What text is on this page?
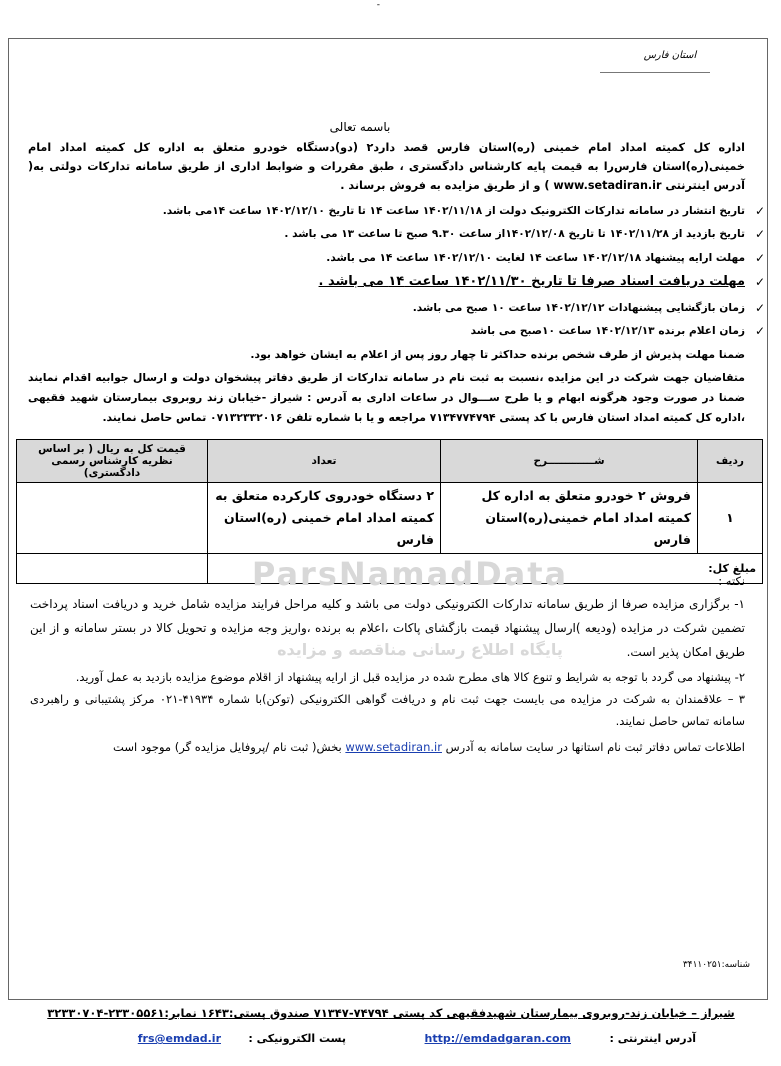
-
استان فارس
باسمه تعالی
اداره کل کمیته امداد امام خمینی (ره)استان فارس قصد دارد۲ (دو)دستگاه خودرو متعلق به اداره کل کمیته امداد امام خمینی(ره)استان فارس‌را به قیمت پایه کارشناس دادگستری ، طبق مقررات و ضوابط اداری از طریق سامانه تدارکات دولتی به( آدرس اینترنتی www.setadiran.ir ) و از طریق مزایده به فروش برساند .
✓
تاریخ انتشار در سامانه تدارکات الکترونیک دولت از ۱۴۰۲/۱۱/۱۸ ساعت ۱۴ تا تاریخ ۱۴۰۲/۱۲/۱۰ ساعت ۱۴می باشد.
✓
تاریخ بازدید از ۱۴۰۲/۱۱/۲۸ تا تاریخ ۱۴۰۲/۱۲/۰۸از ساعت ۹.۳۰ صبح تا ساعت ۱۳ می باشد .
✓
مهلت ارایه پیشنهاد ۱۴۰۲/۱۲/۱۸ ساعت ۱۴ لغایت ۱۴۰۲/۱۲/۱۰ ساعت ۱۴ می باشد.
✓
مهلت دریافت اسناد صرفا تا تاریخ ۱۴۰۲/۱۱/۳۰ ساعت ۱۴ می باشد .
✓
زمان بازگشایی پیشنهادات ۱۴۰۲/۱۲/۱۲ ساعت ۱۰ صبح می باشد.
✓
زمان اعلام برنده ۱۴۰۲/۱۲/۱۳ ساعت ۱۰صبح می باشد
ضمنا مهلت پذیرش از طرف شخص برنده حداکثر تا چهار روز پس از اعلام به ایشان خواهد بود.
متقاضیان جهت شرکت در این مزایده ،نسبت به ثبت نام در سامانه تدارکات از طریق دفاتر پیشخوان دولت و ارسال جوابیه اقدام نمایند ضمنا در صورت وجود هرگونه ابهام و یا طرح ســـوال در ساعات اداری به آدرس : شیراز -خیابان زند روبروی بیمارستان شهید فقیهی ،اداره کل کمیته امداد استان فارس با کد پستی ۷۱۳۴۷۷۴۷۹۴ مراجعه و یا با شماره تلفن ۰۷۱۳۲۳۳۲۰۱۶ تماس حاصل نمایند.
ردیف	شـــــــــــــرح	تعداد	قیمت کل به ریال ( بر اساس نظریه کارشناس رسمی دادگستری)
۱	فروش ۲ خودرو متعلق به اداره کل کمیته امداد امام خمینی(ره)استان فارس	۲ دستگاه خودروی کارکرده متعلق به کمیته امداد امام خمینی (ره)استان فارس	
مبلغ کل:			
ParsNamadData
پایگاه اطلاع رسانی مناقصه و مزایده
نکته :
۱- برگزاری مزایده صرفا از طریق سامانه تدارکات الکترونیکی دولت می باشد و کلیه مراحل فرایند مزایده شامل خرید و دریافت اسناد پرداخت تضمین شرکت در مزایده (ودیعه )ارسال پیشنهاد قیمت بازگشای پاکات ،اعلام به برنده ،واریز وجه مزایده و تحویل کالا در بستر سامانه و از این طریق امکان پذیر است.
۲- پیشنهاد می گردد با توجه به شرایط و تنوع کالا های مطرح شده در مزایده قبل از ارایه پیشنهاد از اقلام موضوع مزایده بازدید به عمل آورید.
۳ – علاقمندان به شرکت در مزایده می بایست جهت ثبت نام و دریافت گواهی الکترونیکی (توکن)با شماره ۴۱۹۳۴-۰۲۱ مرکز پشتیبانی و راهبردی سامانه تماس حاصل نمایند.
اطلاعات تماس دفاتر ثبت نام استانها در سایت سامانه به آدرس www.setadiran.ir بخش( ثبت نام /پروفایل مزایده گر) موجود است
شناسه:۳۴۱۱۰۲۵۱
شیراز – خیابان زند-روبروی بیمارستان شهیدفقیهی کد پستی ۷۴۷۹۴-۷۱۳۴۷ صندوق پستی:۱۶۴۳ نمابر:۲۳۳۰۵۵۶۱-۳۲۳۳۰۷۰۴
آدرس اینترنتی :
http://emdadgaran.com
پست الکترونیکی :
frs@emdad.ir
